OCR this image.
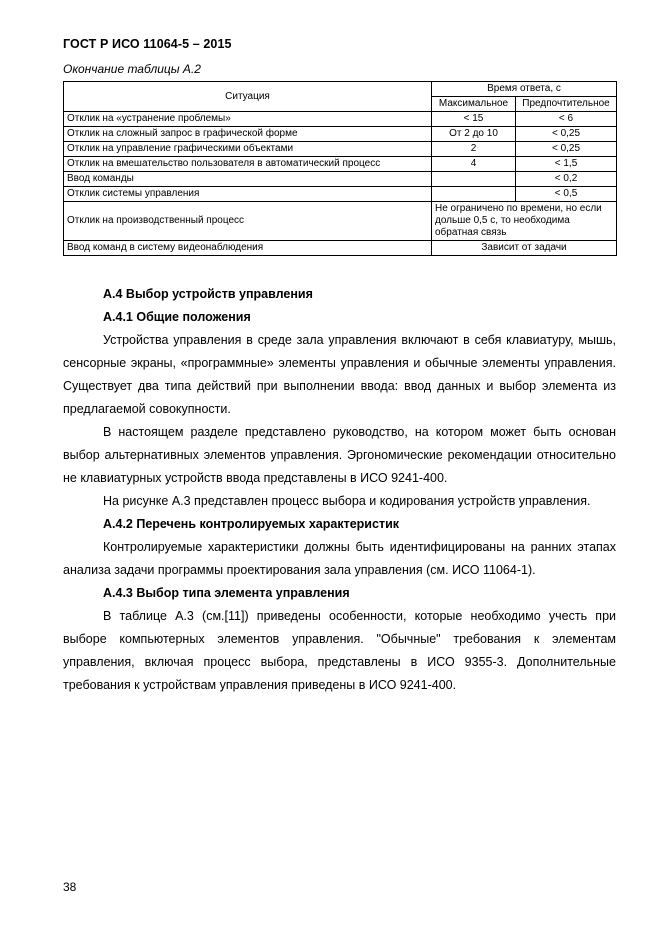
ГОСТ Р ИСО 11064-5 – 2015
Окончание таблицы А.2
Ситуация	Время ответа, с	
	Максимальное	Предпочтительное
Отклик на «устранение проблемы»	< 15	< 6
Отклик на сложный запрос в графической форме	От 2 до 10	< 0,25
Отклик на управление графическими объектами	2	< 0,25
Отклик на вмешательство пользователя в автоматический процесс	4	< 1,5
Ввод команды		< 0,2
Отклик системы управления		< 0,5
Отклик на производственный процесс	Не ограничено по времени, но если дольше 0,5 с, то необходима обратная связь	
Ввод команд в систему видеонаблюдения	Зависит от задачи	
А.4 Выбор устройств управления
А.4.1 Общие положения

Устройства управления в среде зала управления включают в себя клавиатуру, мышь, сенсорные экраны, «программные» элементы управления и обычные элементы управления. Существует два типа действий при выполнении ввода: ввод данных и выбор элемента из предлагаемой совокупности.

В настоящем разделе представлено руководство, на котором может быть основан выбор альтернативных элементов управления. Эргономические рекомендации относительно не клавиатурных устройств ввода представлены в ИСО 9241-400.

На рисунке А.3 представлен процесс выбора и кодирования устройств управления.

А.4.2 Перечень контролируемых характеристик

Контролируемые характеристики должны быть идентифицированы на ранних этапах анализа задачи программы проектирования зала управления (см. ИСО 11064-1).

А.4.3 Выбор типа элемента управления

В таблице А.3 (см.[11]) приведены особенности, которые необходимо учесть при выборе компьютерных элементов управления. "Обычные" требования к элементам управления, включая процесс выбора, представлены в ИСО 9355-3. Дополнительные требования к устройствам управления приведены в ИСО 9241-400.

38
